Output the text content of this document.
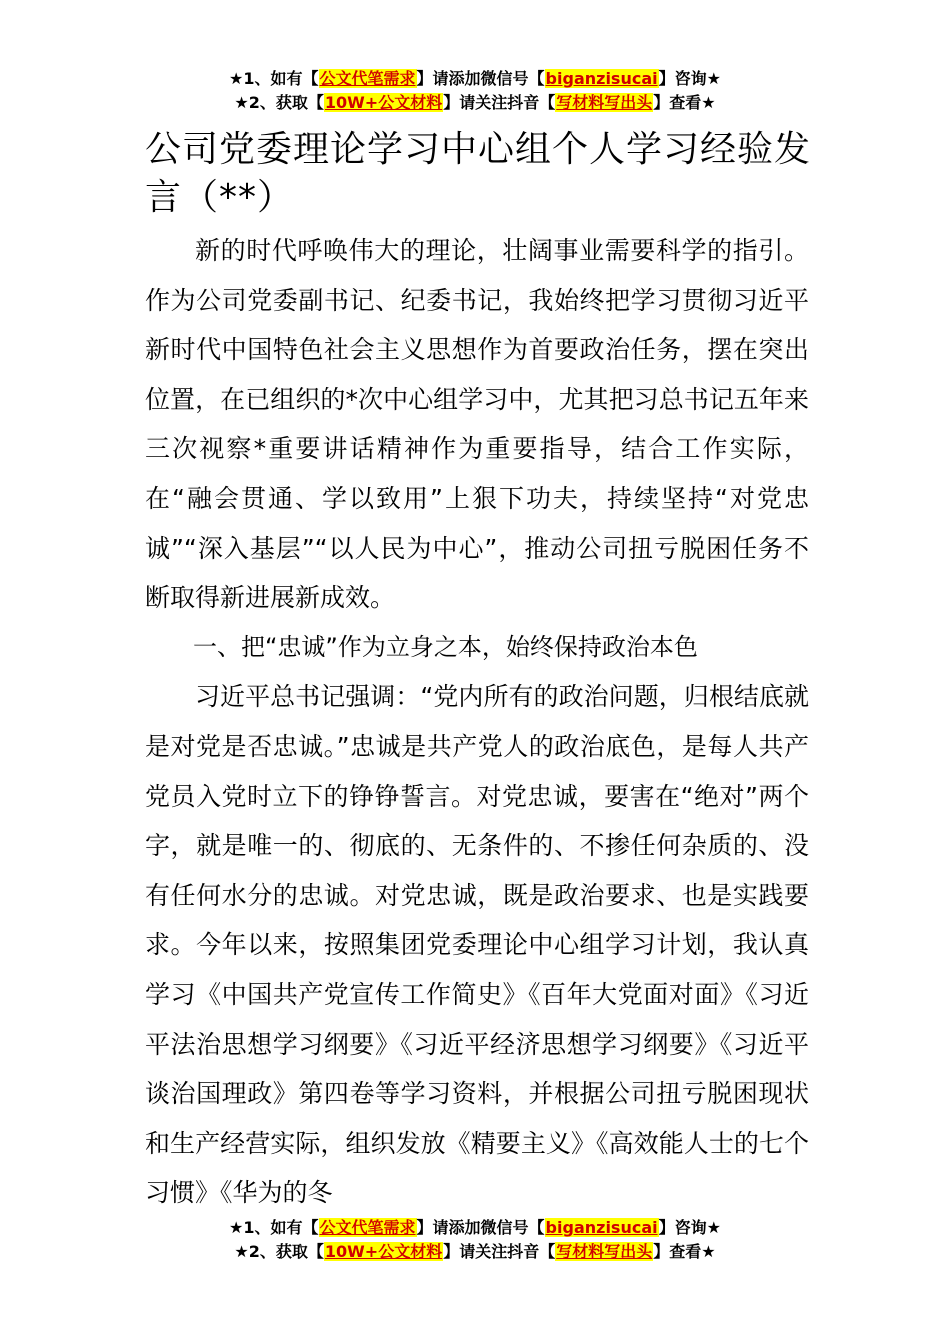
★1、如有【公文代笔需求】请添加微信号【biganzisucai】咨询★
★2、获取【10W+公文材料】请关注抖音【写材料写出头】查看★
公司党委理论学习中心组个人学习经验发言（**）

新的时代呼唤伟大的理论，壮阔事业需要科学的指引。作为公司党委副书记、纪委书记，我始终把学习贯彻习近平新时代中国特色社会主义思想作为首要政治任务，摆在突出位置，在已组织的*次中心组学习中，尤其把习总书记五年来三次视察*重要讲话精神作为重要指导，结合工作实际，在“融会贯通、学以致用”上狠下功夫，持续坚持“对党忠诚”“深入基层”“以人民为中心”，推动公司扭亏脱困任务不断取得新进展新成效。

一、把“忠诚”作为立身之本，始终保持政治本色

习近平总书记强调：“党内所有的政治问题，归根结底就是对党是否忠诚。”忠诚是共产党人的政治底色，是每人共产党员入党时立下的铮铮誓言。对党忠诚，要害在“绝对”两个字，就是唯一的、彻底的、无条件的、不掺任何杂质的、没有任何水分的忠诚。对党忠诚，既是政治要求、也是实践要求。今年以来，按照集团党委理论中心组学习计划，我认真学习《中国共产党宣传工作简史》《百年大党面对面》《习近平法治思想学习纲要》《习近平经济思想学习纲要》《习近平谈治国理政》第四卷等学习资料，并根据公司扭亏脱困现状和生产经营实际，组织发放《精要主义》《高效能人士的七个习惯》《华为的冬

★1、如有【公文代笔需求】请添加微信号【biganzisucai】咨询★
★2、获取【10W+公文材料】请关注抖音【写材料写出头】查看★
